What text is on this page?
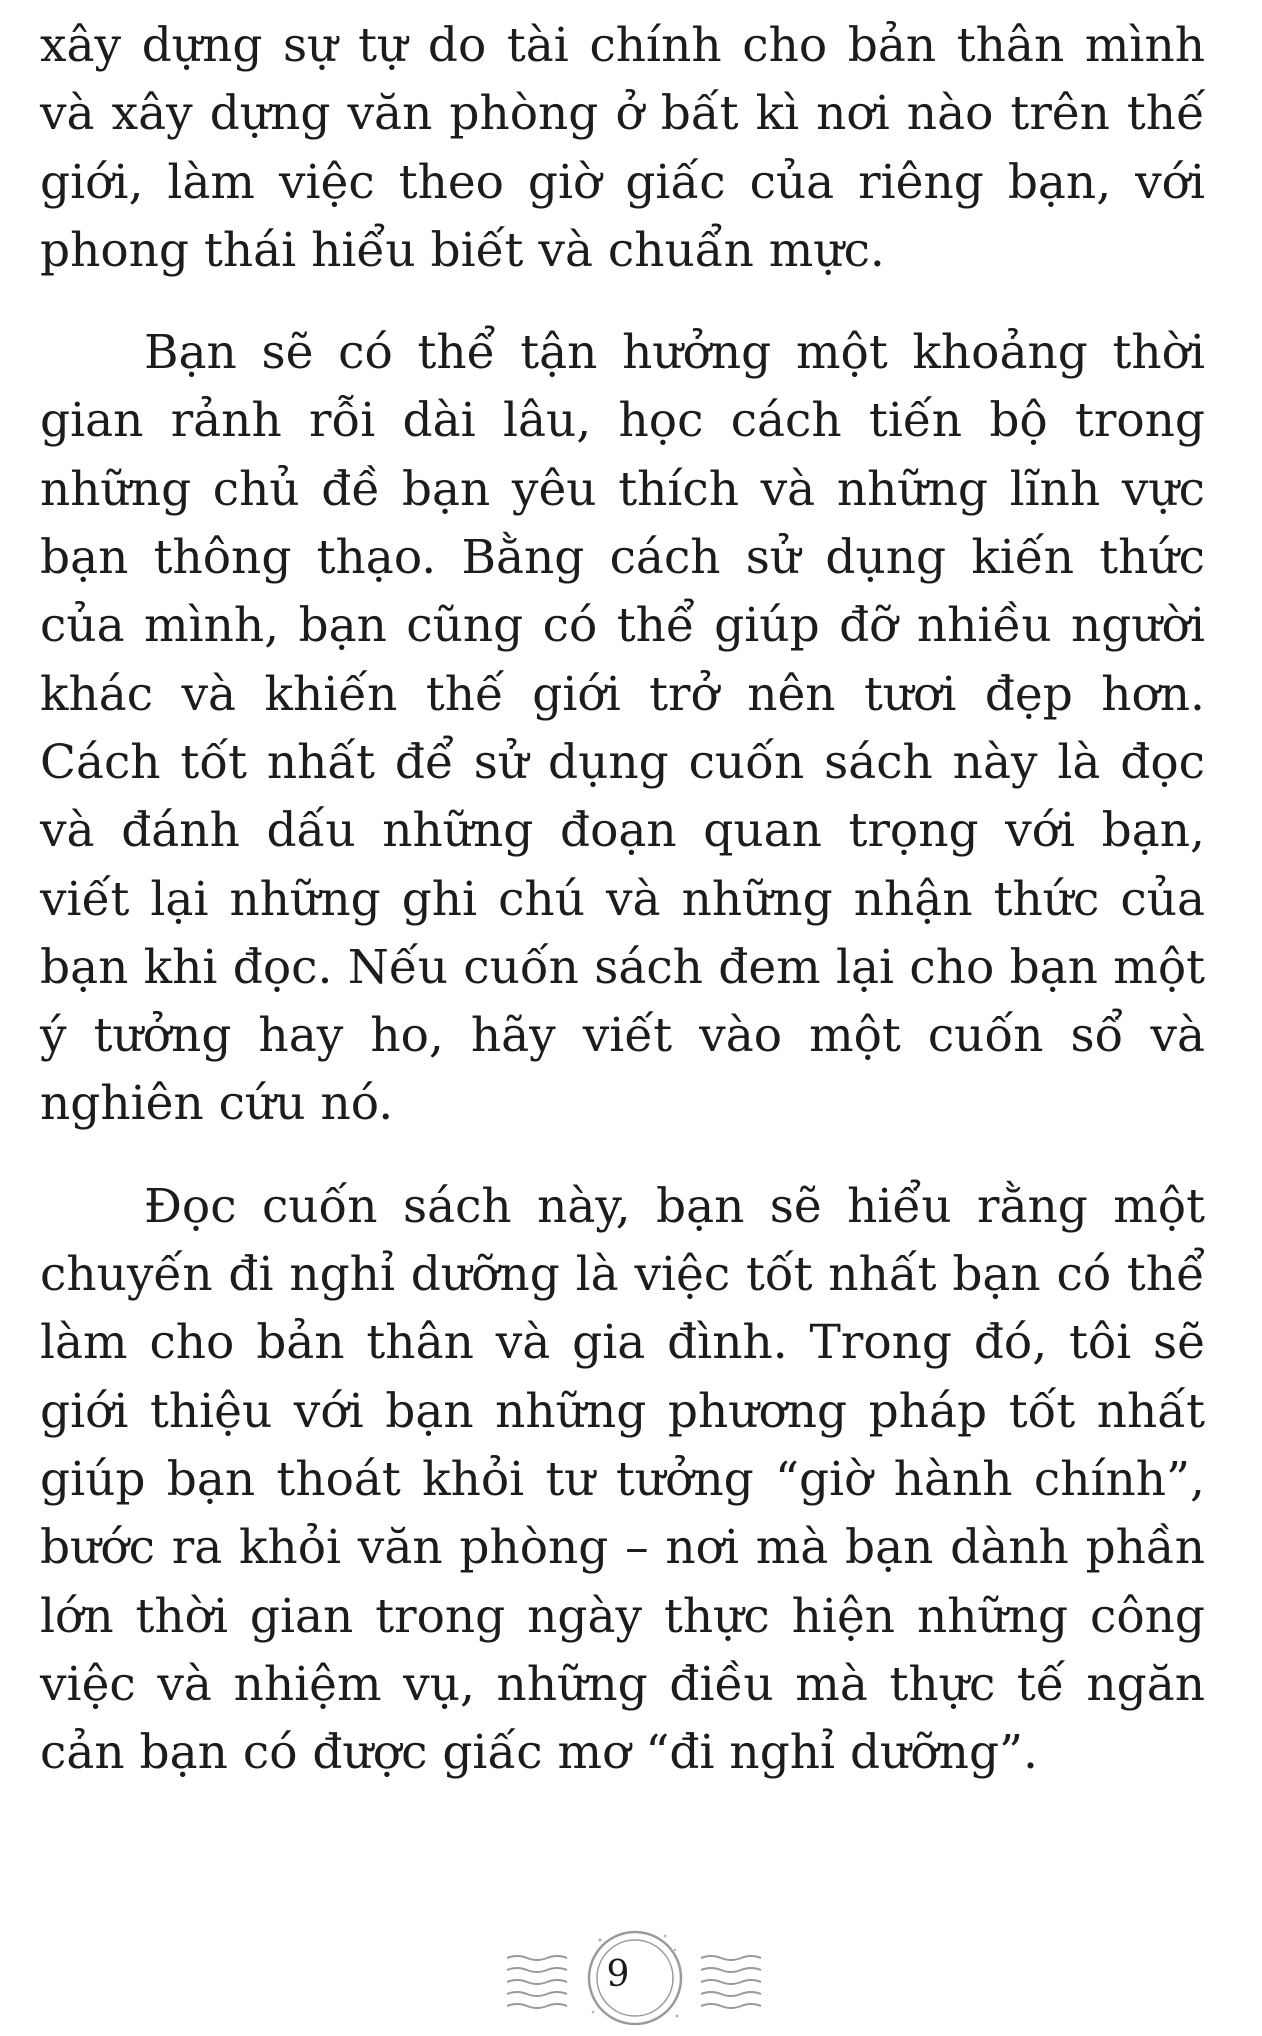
xây dựng sự tự do tài chính cho bản thân mình và xây dựng văn phòng ở bất kì nơi nào trên thế giới, làm việc theo giờ giấc của riêng bạn, với phong thái hiểu biết và chuẩn mực.

Bạn sẽ có thể tận hưởng một khoảng thời gian rảnh rỗi dài lâu, học cách tiến bộ trong những chủ đề bạn yêu thích và những lĩnh vực bạn thông thạo. Bằng cách sử dụng kiến thức của mình, bạn cũng có thể giúp đỡ nhiều người khác và khiến thế giới trở nên tươi đẹp hơn. Cách tốt nhất để sử dụng cuốn sách này là đọc và đánh dấu những đoạn quan trọng với bạn, viết lại những ghi chú và những nhận thức của bạn khi đọc. Nếu cuốn sách đem lại cho bạn một ý tưởng hay ho, hãy viết vào một cuốn sổ và nghiên cứu nó.

Đọc cuốn sách này, bạn sẽ hiểu rằng một chuyến đi nghỉ dưỡng là việc tốt nhất bạn có thể làm cho bản thân và gia đình. Trong đó, tôi sẽ giới thiệu với bạn những phương pháp tốt nhất giúp bạn thoát khỏi tư tưởng “giờ hành chính”, bước ra khỏi văn phòng – nơi mà bạn dành phần lớn thời gian trong ngày thực hiện những công việc và nhiệm vụ, những điều mà thực tế ngăn cản bạn có được giấc mơ “đi nghỉ dưỡng”.

9
